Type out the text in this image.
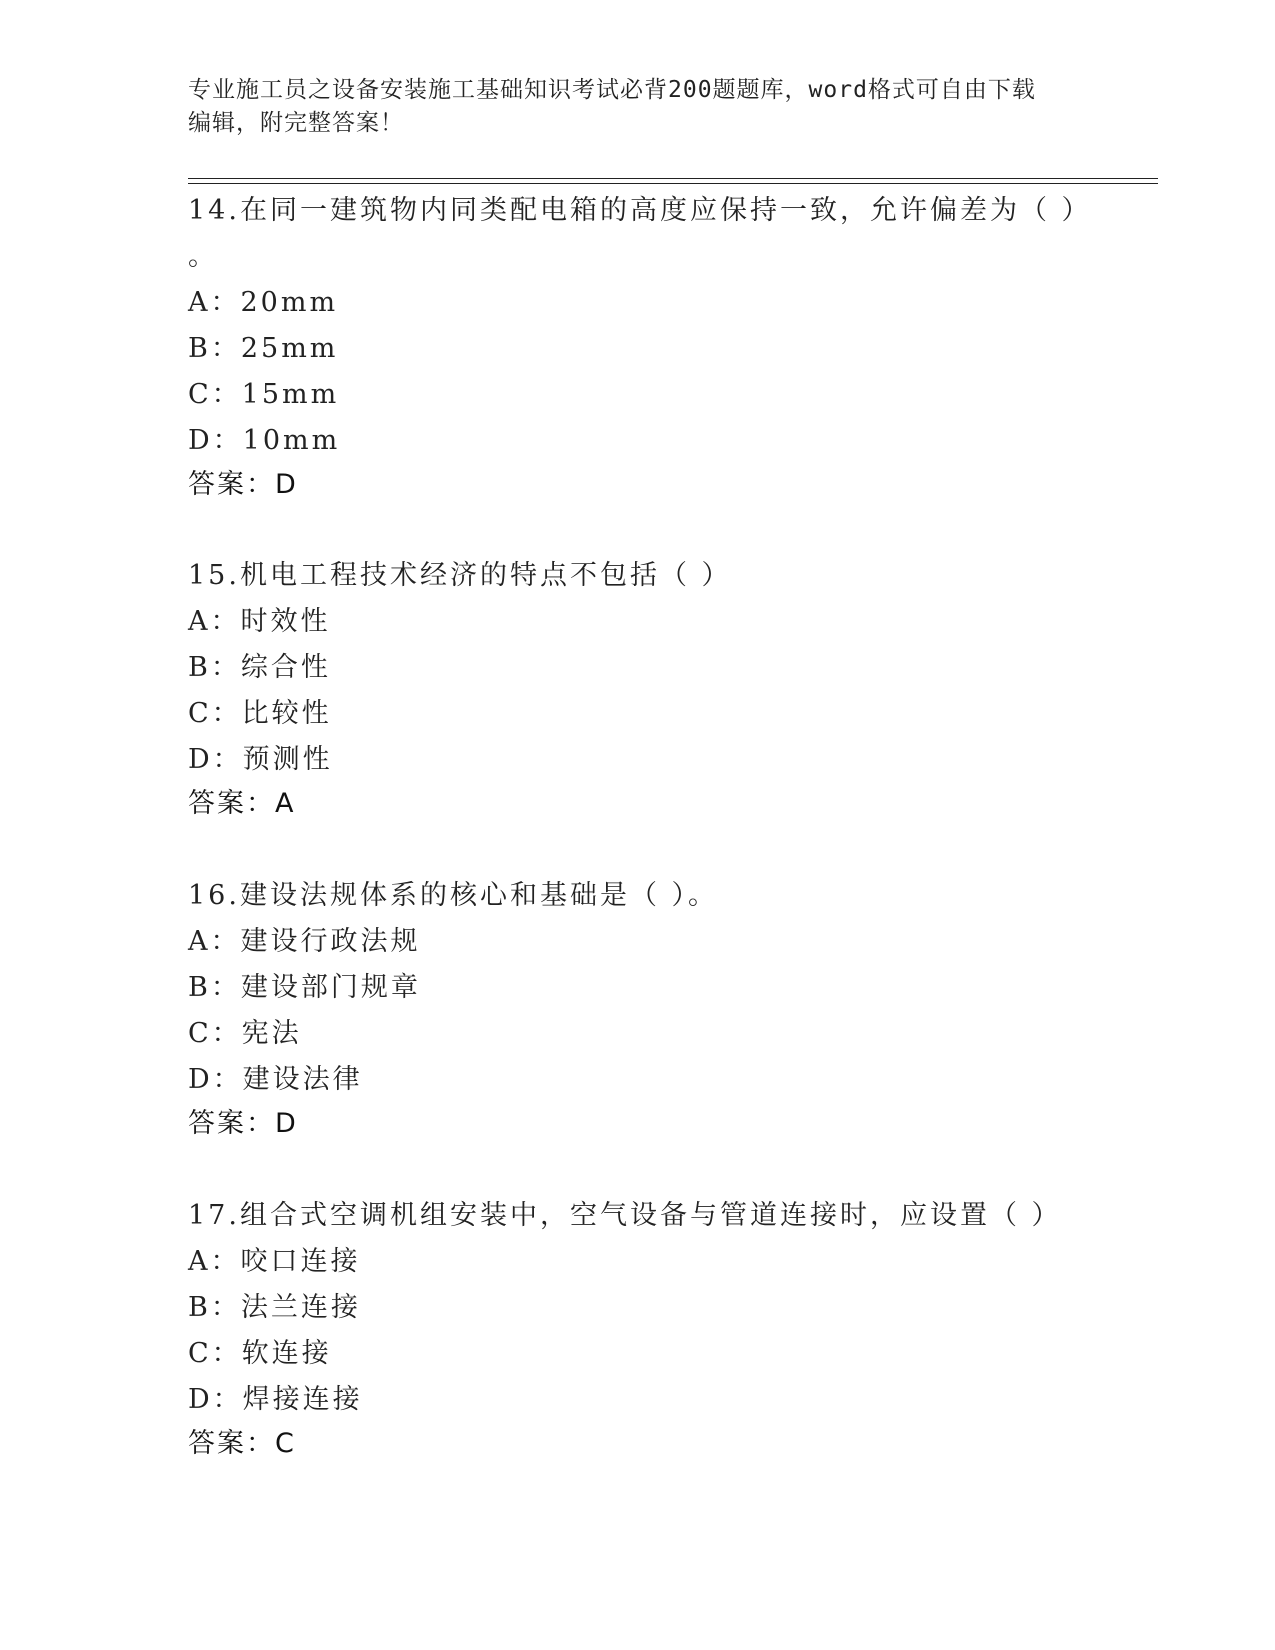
专业施工员之设备安装施工基础知识考试必背200题题库，word格式可自由下载
编辑，附完整答案！
14.在同一建筑物内同类配电箱的高度应保持一致，允许偏差为（ ）
。
A：20mm
B：25mm
C：15mm
D：10mm
答案：D
15.机电工程技术经济的特点不包括（ ）
A：时效性
B：综合性
C：比较性
D：预测性
答案：A
16.建设法规体系的核心和基础是（ ）。
A：建设行政法规
B：建设部门规章
C：宪法
D：建设法律
答案：D
17.组合式空调机组安装中，空气设备与管道连接时，应设置（ ）
A：咬口连接
B：法兰连接
C：软连接
D：焊接连接
答案：C
